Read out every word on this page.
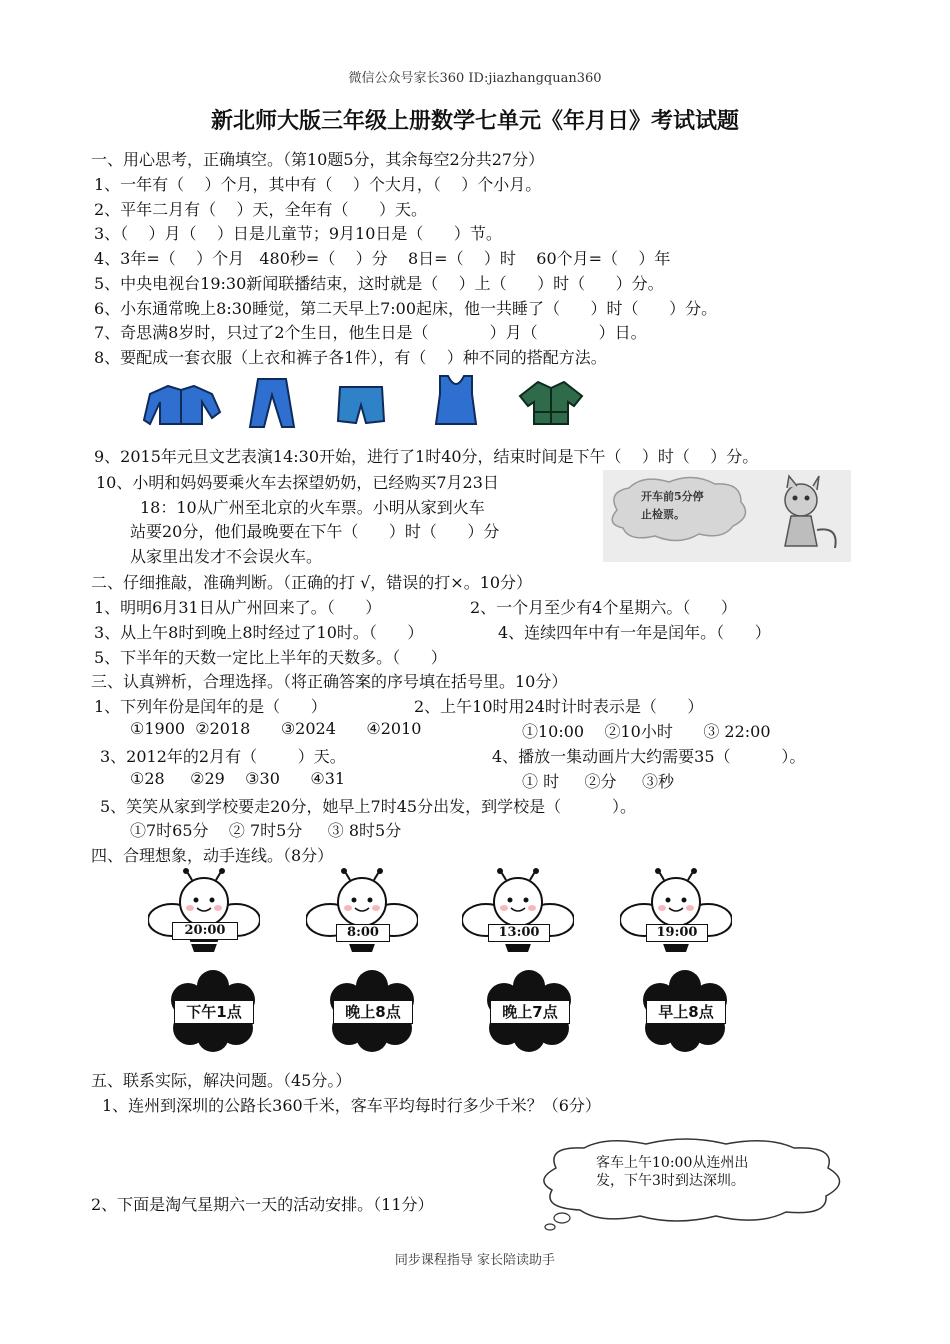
微信公众号家长360 ID:jiazhangquan360
新北师大版三年级上册数学七单元《年月日》考试试题
一、用心思考，正确填空。（第10题5分，其余每空2分共27分）
1、一年有（    ）个月，其中有（    ）个大月，（    ）个小月。
2、平年二月有（    ）天，全年有（      ）天。
3、（    ）月（    ）日是儿童节；9月10日是（      ）节。
4、3年=（    ）个月   480秒=（    ）分    8日=（    ）时    60个月=（    ）年
5、中央电视台19:30新闻联播结束，这时就是（    ）上（      ）时（      ）分。
6、小东通常晚上8:30睡觉，第二天早上7:00起床，他一共睡了（      ）时（      ）分。
7、奇思满8岁时，只过了2个生日，他生日是（            ）月（            ）日。
8、要配成一套衣服（上衣和裤子各1件），有（    ）种不同的搭配方法。
9、2015年元旦文艺表演14:30开始，进行了1时40分，结束时间是下午（    ）时（    ）分。
10、小明和妈妈要乘火车去探望奶奶，已经购买7月23日
18：10从广州至北京的火车票。小明从家到火车
站要20分，他们最晚要在下午（      ）时（      ）分
从家里出发才不会误火车。

开车前5分停
止检票。

二、仔细推敲，准确判断。（正确的打 √，错误的打×。10分）
1、明明6月31日从广州回来了。（      ）	2、一个月至少有4个星期六。（      ）
3、从上午8时到晚上8时经过了10时。（      ）	4、连续四年中有一年是闰年。（      ）
5、下半年的天数一定比上半年的天数多。（      ）
三、认真辨析，合理选择。（将正确答案的序号填在括号里。10分）
1、下列年份是闰年的是（      ）	2、上午10时用24时计时表示是（      ）
①1900  ②2018      ③2024      ④2010	①10:00    ②10小时      ③ 22:00
3、2012年的2月有（        ）天。	4、播放一集动画片大约需要35（          ）。
①28     ②29    ③30      ④31	① 时     ②分     ③秒
5、笑笑从家到学校要走20分，她早上7时45分出发，到学校是（          ）。
①7时65分    ② 7时5分     ③ 8时5分
四、合理想象，动手连线。（8分）
20:00	8:00	13:00	19:00
下午1点	晚上8点	晚上7点	早上8点
五、联系实际，解决问题。（45分。）
1、连州到深圳的公路长360千米，客车平均每时行多少千米？（6分）
客车上午10:00从连州出
发，下午3时到达深圳。
2、下面是淘气星期六一天的活动安排。（11分）
同步课程指导 家长陪读助手
